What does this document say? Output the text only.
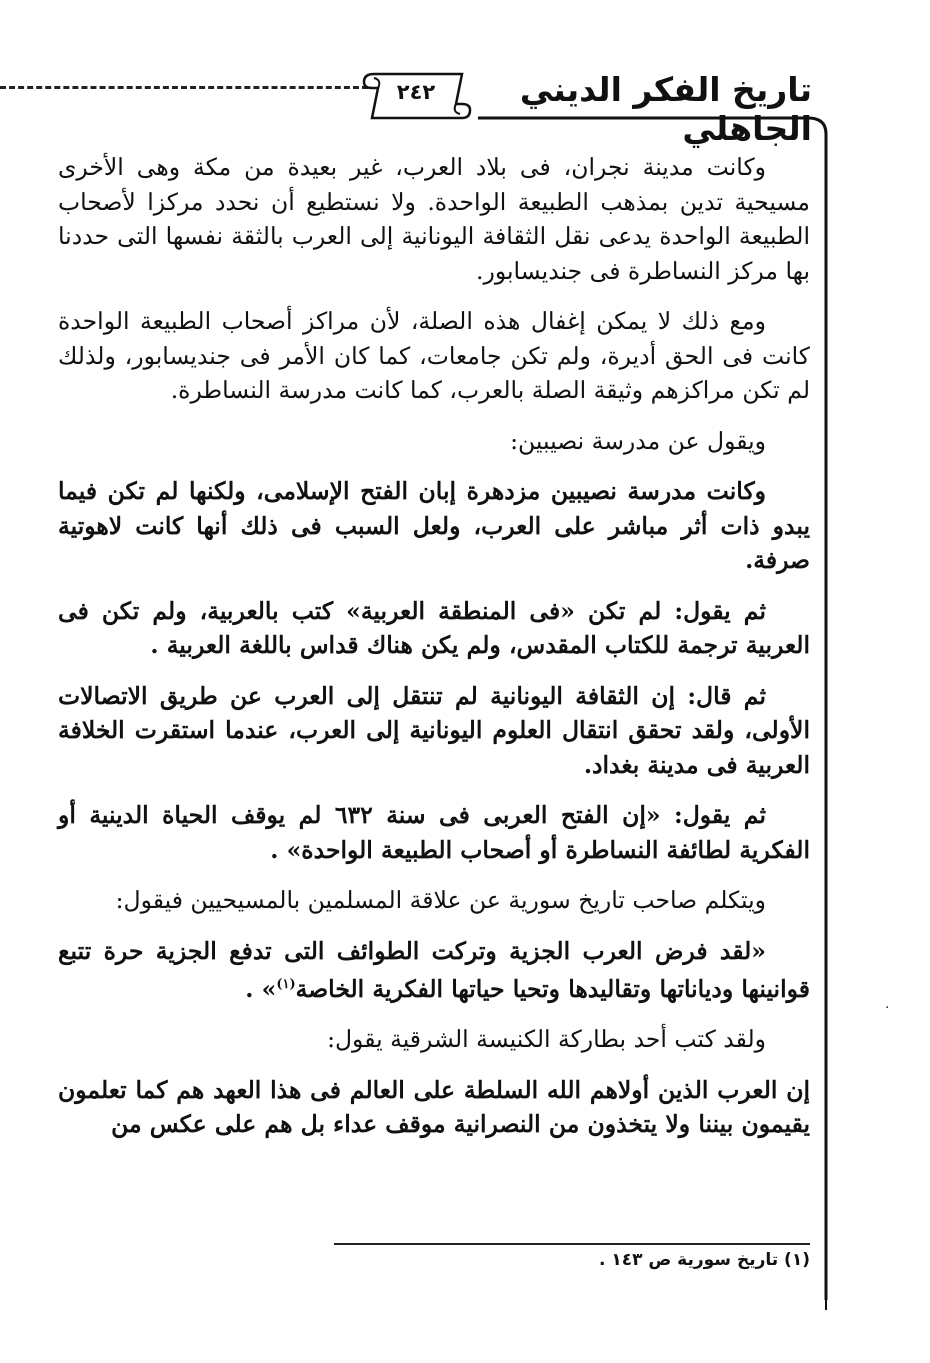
٢٤٢	تاريخ الفكر الديني الجاهلي

وكانت مدينة نجران، فى بلاد العرب، غير بعيدة من مكة وهى الأخرى مسيحية تدين بمذهب الطبيعة الواحدة. ولا نستطيع أن نحدد مركزا لأصحاب الطبيعة الواحدة يدعى نقل الثقافة اليونانية إلى العرب بالثقة نفسها التى حددنا بها مركز النساطرة فى جنديسابور.

ومع ذلك لا يمكن إغفال هذه الصلة، لأن مراكز أصحاب الطبيعة الواحدة كانت فى الحق أديرة، ولم تكن جامعات، كما كان الأمر فى جنديسابور، ولذلك لم تكن مراكزهم وثيقة الصلة بالعرب، كما كانت مدرسة النساطرة.

ويقول عن مدرسة نصيبين:

وكانت مدرسة نصيبين مزدهرة إبان الفتح الإسلامى، ولكنها لم تكن فيما يبدو ذات أثر مباشر على العرب، ولعل السبب فى ذلك أنها كانت لاهوتية صرفة.

ثم يقول: لم تكن «فى المنطقة العربية» كتب بالعربية، ولم تكن فى العربية ترجمة للكتاب المقدس، ولم يكن هناك قداس باللغة العربية .

ثم قال: إن الثقافة اليونانية لم تنتقل إلى العرب عن طريق الاتصالات الأولى، ولقد تحقق انتقال العلوم اليونانية إلى العرب، عندما استقرت الخلافة العربية فى مدينة بغداد.

ثم يقول: «إن الفتح العربى فى سنة ٦٣٢ لم يوقف الحياة الدينية أو الفكرية لطائفة النساطرة أو أصحاب الطبيعة الواحدة» .

ويتكلم صاحب تاريخ سورية عن علاقة المسلمين بالمسيحيين فيقول:

«لقد فرض العرب الجزية وتركت الطوائف التى تدفع الجزية حرة تتبع قوانينها ودياناتها وتقاليدها وتحيا حياتها الفكرية الخاصة$^{(١)}$» .

ولقد كتب أحد بطاركة الكنيسة الشرقية يقول:

إن العرب الذين أولاهم الله السلطة على العالم فى هذا العهد هم كما تعلمون يقيمون بيننا ولا يتخذون من النصرانية موقف عداء بل هم على عكس من

(١) تاريخ سورية ص ١٤٣ .
·
